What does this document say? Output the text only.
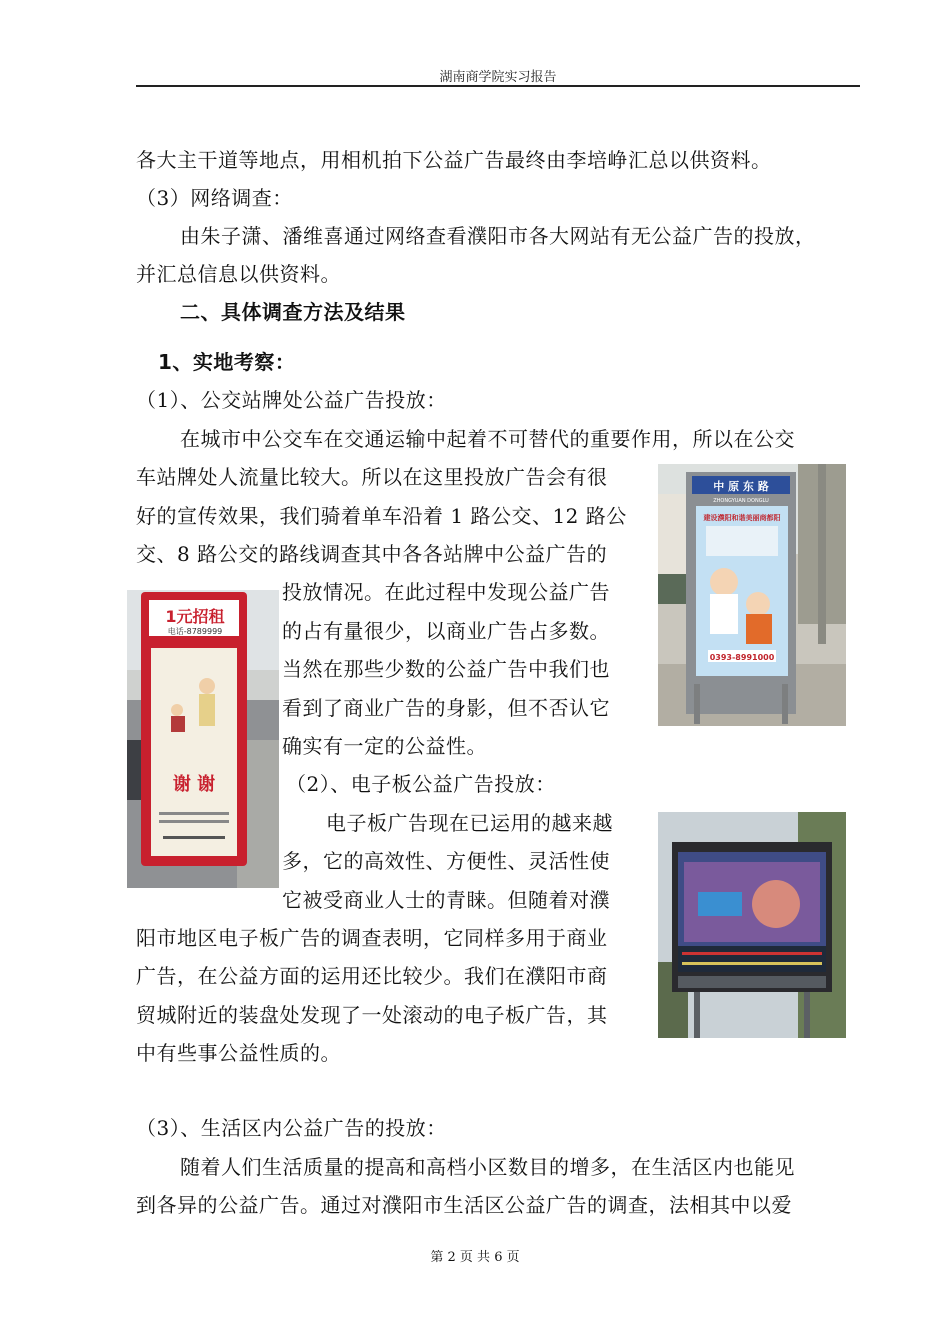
湖南商学院实习报告
各大主干道等地点，用相机拍下公益广告最终由李培峥汇总以供资料。
（3）网络调查：
由朱子潇、潘维喜通过网络查看濮阳市各大网站有无公益广告的投放，
并汇总信息以供资料。
二、具体调查方法及结果
1、实地考察：
（1）、公交站牌处公益广告投放：
在城市中公交车在交通运输中起着不可替代的重要作用，所以在公交
车站牌处人流量比较大。所以在这里投放广告会有很
好的宣传效果，我们骑着单车沿着 1 路公交、12 路公
交、8 路公交的路线调查其中各各站牌中公益广告的
投放情况。在此过程中发现公益广告
的占有量很少，以商业广告占多数。
当然在那些少数的公益广告中我们也
看到了商业广告的身影，但不否认它
确实有一定的公益性。
（2）、电子板公益广告投放：
电子板广告现在已运用的越来越
多，它的高效性、方便性、灵活性使
它被受商业人士的青睐。但随着对濮
阳市地区电子板广告的调查表明，它同样多用于商业
广告，在公益方面的运用还比较少。我们在濮阳市商
贸城附近的装盘处发现了一处滚动的电子板广告，其
中有些事公益性质的。
（3）、生活区内公益广告的投放：
随着人们生活质量的提高和高档小区数目的增多，在生活区内也能见
到各异的公益广告。通过对濮阳市生活区公益广告的调查，法相其中以爱
中 原 东 路
ZHONGYUAN DONGLU
建设濮阳和谐美丽商都阳
0393-8991000
1元招租
电话-8789999
谢 谢
第 2 页 共 6 页
